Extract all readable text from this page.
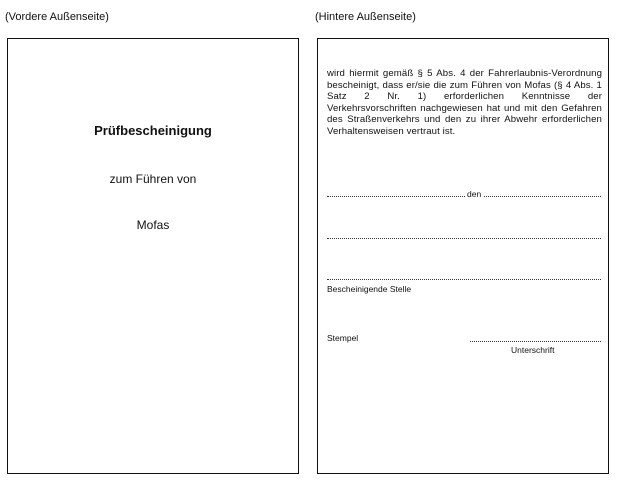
(Vordere Außenseite)	(Hintere Außenseite)
Prüfbescheinigung
zum Führen von
Mofas
wird hiermit gemäß § 5 Abs. 4 der Fahrerlaubnis-Verordnung bescheinigt, dass er/sie die zum Führen von Mofas (§ 4 Abs. 1 Satz 2 Nr. 1) erforderlichen Kenntnisse der Verkehrsvorschriften nachgewiesen hat und mit den Gefahren des Straßenverkehrs und den zu ihrer Abwehr erforderlichen Verhaltensweisen vertraut ist.
den
Bescheinigende Stelle
Stempel
Unterschrift
